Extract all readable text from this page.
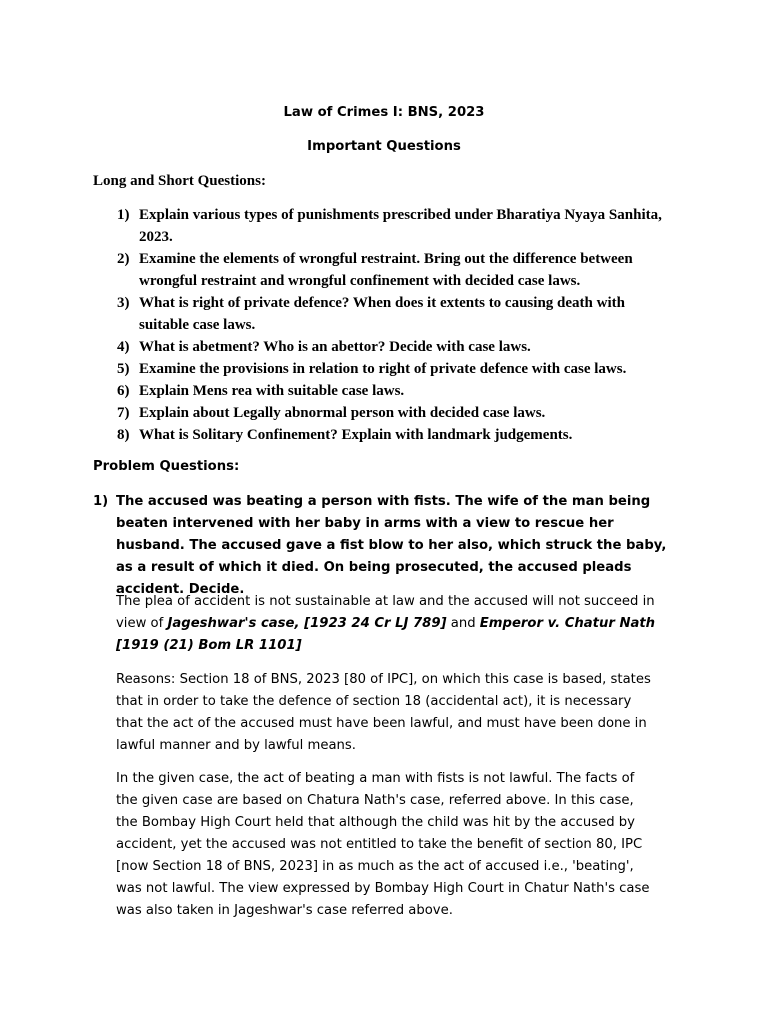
Law of Crimes I: BNS, 2023
Important Questions
Long and Short Questions:
1) Explain various types of punishments prescribed under Bharatiya Nyaya Sanhita, 2023.
2) Examine the elements of wrongful restraint. Bring out the difference between wrongful restraint and wrongful confinement with decided case laws.
3) What is right of private defence? When does it extents to causing death with suitable case laws.
4) What is abetment? Who is an abettor? Decide with case laws.
5) Examine the provisions in relation to right of private defence with case laws.
6) Explain Mens rea with suitable case laws.
7) Explain about Legally abnormal person with decided case laws.
8) What is Solitary Confinement? Explain with landmark judgements.
Problem Questions:
1) The accused was beating a person with fists. The wife of the man being beaten intervened with her baby in arms with a view to rescue her husband. The accused gave a fist blow to her also, which struck the baby, as a result of which it died. On being prosecuted, the accused pleads accident. Decide.
The plea of accident is not sustainable at law and the accused will not succeed in view of Jageshwar's case, [1923 24 Cr LJ 789] and Emperor v. Chatur Nath [1919 (21) Bom LR 1101]
Reasons: Section 18 of BNS, 2023 [80 of IPC], on which this case is based, states that in order to take the defence of section 18 (accidental act), it is necessary that the act of the accused must have been lawful, and must have been done in lawful manner and by lawful means.
In the given case, the act of beating a man with fists is not lawful. The facts of the given case are based on Chatura Nath's case, referred above. In this case, the Bombay High Court held that although the child was hit by the accused by accident, yet the accused was not entitled to take the benefit of section 80, IPC [now Section 18 of BNS, 2023] in as much as the act of accused i.e., 'beating', was not lawful. The view expressed by Bombay High Court in Chatur Nath's case was also taken in Jageshwar's case referred above.
